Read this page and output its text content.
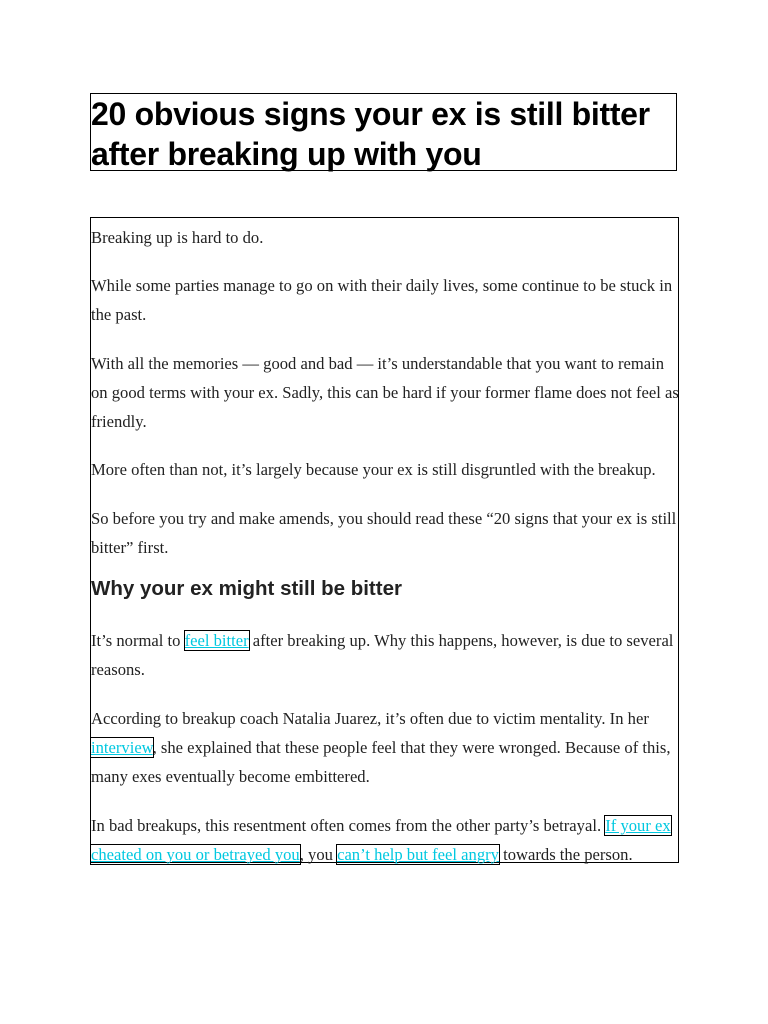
20 obvious signs your ex is still bitter after breaking up with you

Breaking up is hard to do.

While some parties manage to go on with their daily lives, some continue to be stuck in the past.

With all the memories — good and bad — it’s understandable that you want to remain on good terms with your ex. Sadly, this can be hard if your former flame does not feel as friendly.

More often than not, it’s largely because your ex is still disgruntled with the breakup.

So before you try and make amends, you should read these “20 signs that your ex is still bitter” first.

Why your ex might still be bitter

It’s normal to feel bitter after breaking up. Why this happens, however, is due to several reasons.

According to breakup coach Natalia Juarez, it’s often due to victim mentality. In her interview, she explained that these people feel that they were wronged. Because of this, many exes eventually become embittered.

In bad breakups, this resentment often comes from the other party’s betrayal. If your ex cheated on you or betrayed you, you can’t help but feel angry towards the person.
